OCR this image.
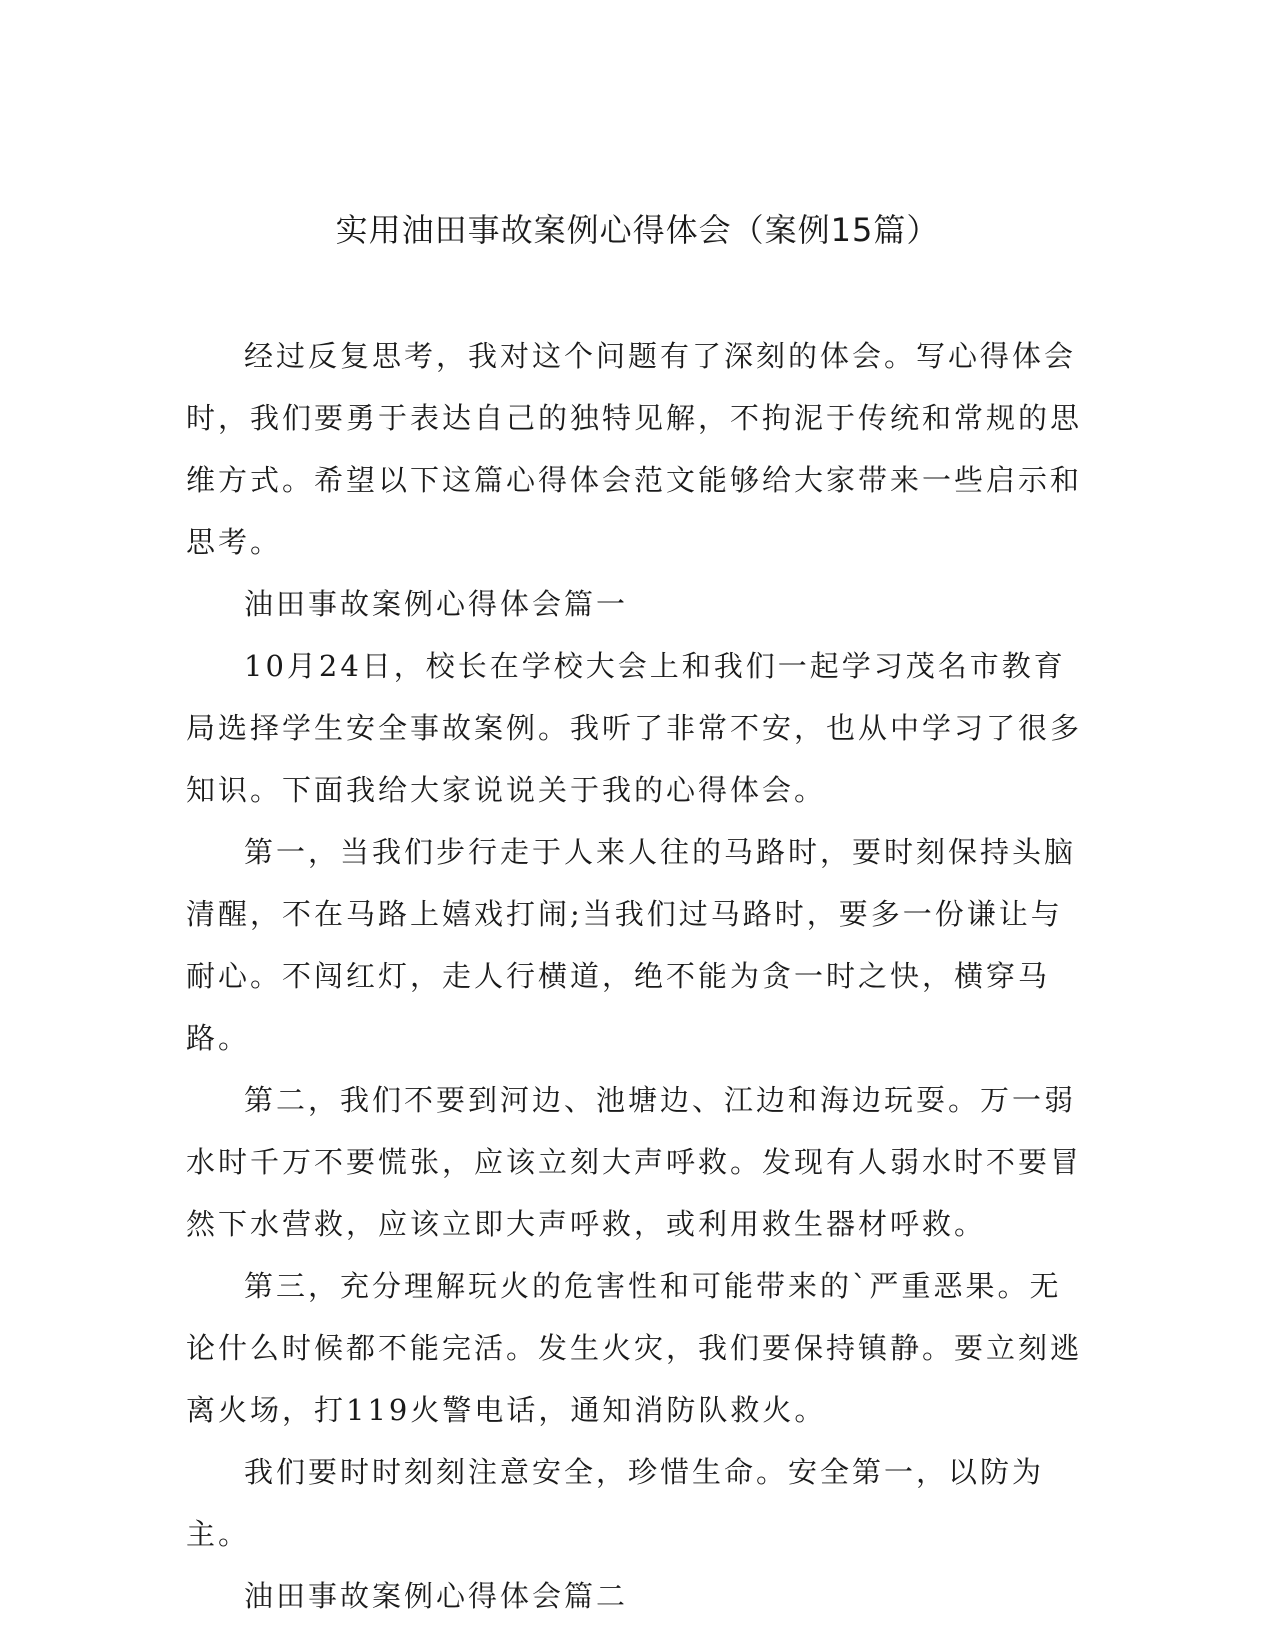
实用油田事故案例心得体会（案例15篇）

经过反复思考，我对这个问题有了深刻的体会。写心得体会时，我们要勇于表达自己的独特见解，不拘泥于传统和常规的思维方式。希望以下这篇心得体会范文能够给大家带来一些启示和思考。

油田事故案例心得体会篇一

10月24日，校长在学校大会上和我们一起学习茂名市教育局选择学生安全事故案例。我听了非常不安，也从中学习了很多知识。下面我给大家说说关于我的心得体会。

第一，当我们步行走于人来人往的马路时，要时刻保持头脑清醒，不在马路上嬉戏打闹;当我们过马路时，要多一份谦让与耐心。不闯红灯，走人行横道，绝不能为贪一时之快，横穿马路。

第二，我们不要到河边、池塘边、江边和海边玩耍。万一弱水时千万不要慌张，应该立刻大声呼救。发现有人弱水时不要冒然下水营救，应该立即大声呼救，或利用救生器材呼救。

第三，充分理解玩火的危害性和可能带来的`严重恶果。无论什么时候都不能完活。发生火灾，我们要保持镇静。要立刻逃离火场，打119火警电话，通知消防队救火。

我们要时时刻刻注意安全，珍惜生命。安全第一，以防为主。

油田事故案例心得体会篇二
